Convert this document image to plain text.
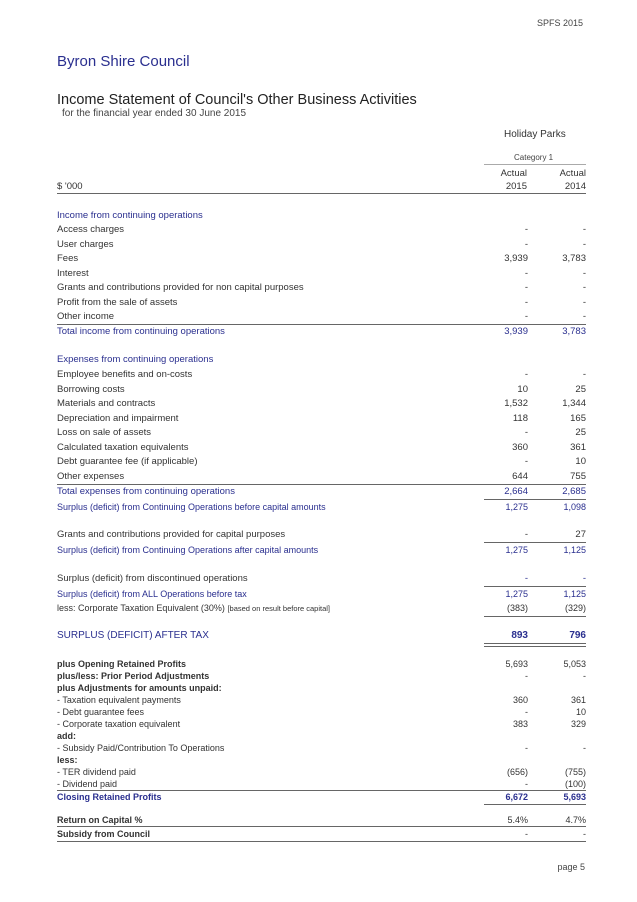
SPFS 2015
Byron Shire Council
Income Statement of Council's Other Business Activities
for the financial year ended 30 June 2015
Holiday Parks
Category 1
Actual	Actual
$ '000	2015	2014
Income from continuing operations
Access charges	-	-
User charges	-	-
Fees	3,939	3,783
Interest	-	-
Grants and contributions provided for non capital purposes	-	-
Profit from the sale of assets	-	-
Other income	-	-
Total income from continuing operations	3,939	3,783
Expenses from continuing operations
Employee benefits and on-costs	-	-
Borrowing costs	10	25
Materials and contracts	1,532	1,344
Depreciation and impairment	118	165
Loss on sale of assets	-	25
Calculated taxation equivalents	360	361
Debt guarantee fee (if applicable)	-	10
Other expenses	644	755
Total expenses from continuing operations	2,664	2,685
Surplus (deficit) from Continuing Operations before capital amounts	1,275	1,098
Grants and contributions provided for capital purposes	-	27
Surplus (deficit) from Continuing Operations after capital amounts	1,275	1,125
Surplus (deficit) from discontinued operations	-	-
Surplus (deficit) from ALL Operations before tax	1,275	1,125
less: Corporate Taxation Equivalent (30%) [based on result before capital]	(383)	(329)
SURPLUS (DEFICIT) AFTER TAX	893	796
plus Opening Retained Profits	5,693	5,053
plus/less: Prior Period Adjustments	-	-
plus Adjustments for amounts unpaid:
- Taxation equivalent payments	360	361
- Debt guarantee fees	-	10
- Corporate taxation equivalent	383	329
add:
- Subsidy Paid/Contribution To Operations	-	-
less:
- TER dividend paid	(656)	(755)
- Dividend paid	-	(100)
Closing Retained Profits	6,672	5,693
Return on Capital %	5.4%	4.7%
Subsidy from Council	-	-
page 5
